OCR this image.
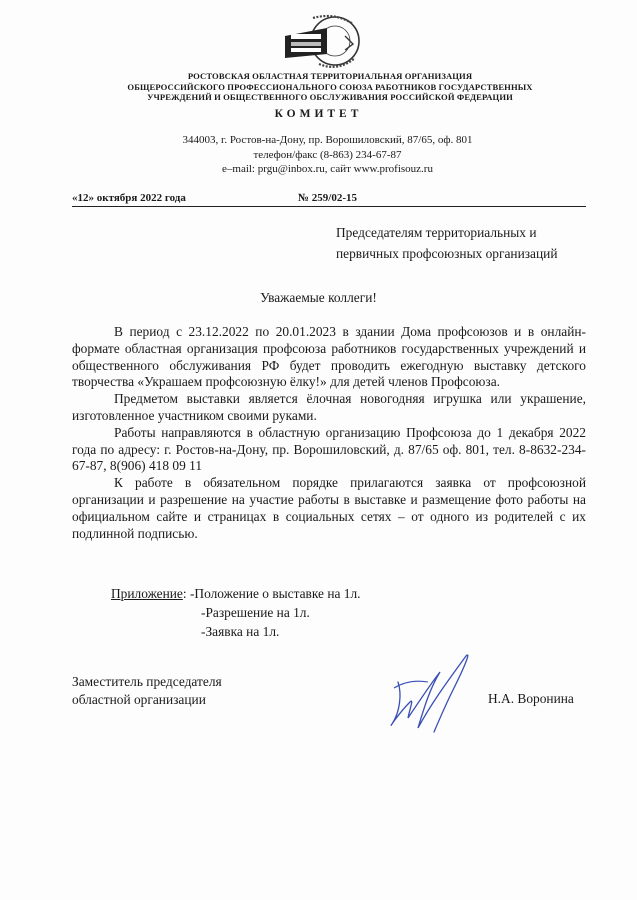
РОСТОВСКАЯ ОБЛАСТНАЯ ТЕРРИТОРИАЛЬНАЯ ОРГАНИЗАЦИЯ
ОБЩЕРОССИЙСКОГО ПРОФЕССИОНАЛЬНОГО СОЮЗА РАБОТНИКОВ ГОСУДАРСТВЕННЫХ
УЧРЕЖДЕНИЙ И ОБЩЕСТВЕННОГО ОБСЛУЖИВАНИЯ РОССИЙСКОЙ ФЕДЕРАЦИИ
КОМИТЕТ
344003, г. Ростов-на-Дону, пр. Ворошиловский, 87/65, оф. 801
телефон/факс (8-863) 234-67-87
e–mail: prgu@inbox.ru, сайт www.profisouz.ru
«12» октября 2022 года	№ 259/02-15
Председателям территориальных и
первичных профсоюзных организаций
Уважаемые коллеги!

В период с 23.12.2022 по 20.01.2023 в здании Дома профсоюзов и в онлайн-формате областная организация профсоюза работников государственных учреждений и общественного обслуживания РФ будет проводить ежегодную выставку детского творчества «Украшаем профсоюзную ёлку!» для детей членов Профсоюза.

Предметом выставки является ёлочная новогодняя игрушка или украшение, изготовленное участником своими руками.

Работы направляются в областную организацию Профсоюза до 1 декабря 2022 года по адресу: г. Ростов-на-Дону, пр. Ворошиловский, д. 87/65 оф. 801, тел. 8-8632-234-67-87, 8(906) 418 09 11

К работе в обязательном порядке прилагаются заявка от профсоюзной организации и разрешение на участие работы в выставке и размещение фото работы на официальном сайте и страницах в социальных сетях – от одного из родителей с их подлинной подписью.

Приложение: -Положение о выставке на 1л.
-Разрешение на 1л.
-Заявка на 1л.
Заместитель председателя
областной организации	Н.А. Воронина
